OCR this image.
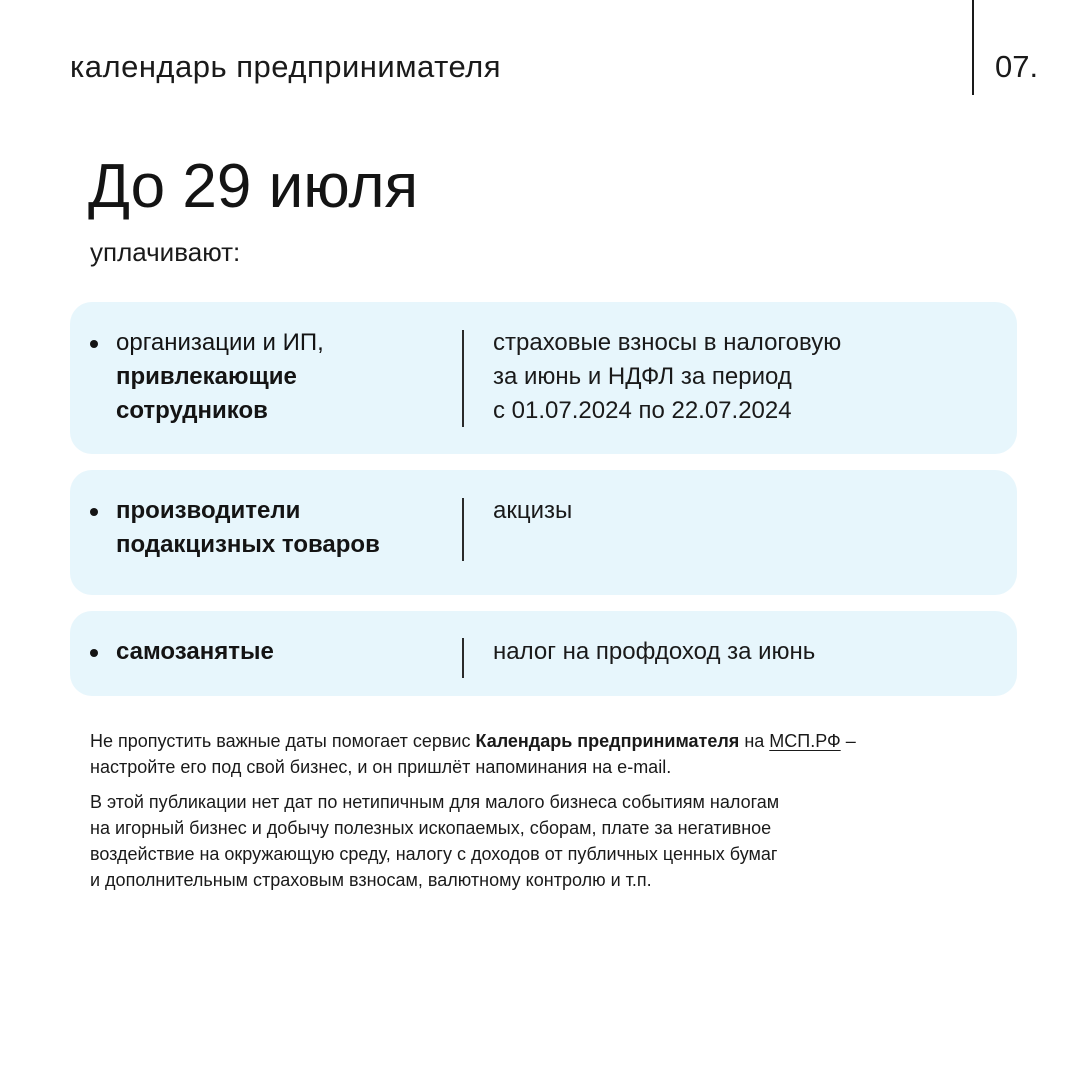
календарь предпринимателя	07.
До 29 июля
уплачивают:
организации и ИП,
привлекающие
сотрудников
страховые взносы в налоговую
за июнь и НДФЛ за период
с 01.07.2024 по 22.07.2024
производители
подакцизных товаров
акцизы
самозанятые	налог на профдоход за июнь
Не пропустить важные даты помогает сервис Календарь предпринимателя на МСП.РФ –
настройте его под свой бизнес, и он пришлёт напоминания на e-mail.
В этой публикации нет дат по нетипичным для малого бизнеса событиям налогам
на игорный бизнес и добычу полезных ископаемых, сборам, плате за негативное
воздействие на окружающую среду, налогу с доходов от публичных ценных бумаг
и дополнительным страховым взносам, валютному контролю и т.п.
